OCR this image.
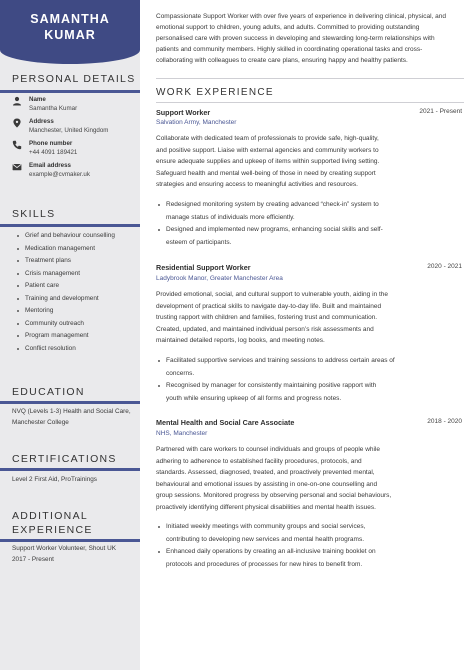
SAMANTHA
KUMAR
PERSONAL DETAILS
Name
Samantha Kumar
Address
Manchester, United Kingdom
Phone number
+44 4091 189421
Email address
example@cvmaker.uk
SKILLS
Grief and behaviour counselling
Medication management
Treatment plans
Crisis management
Patient care
Training and development
Mentoring
Community outreach
Program management
Conflict resolution
EDUCATION
NVQ (Levels 1-3) Health and Social Care,
Manchester College
CERTIFICATIONS
Level 2 First Aid, ProTrainings
ADDITIONAL
EXPERIENCE
Support Worker Volunteer, Shout UK
2017 - Present
Compassionate Support Worker with over five years of experience in delivering clinical, physical, and
emotional support to children, young adults, and adults. Committed to providing outstanding
personalised care with proven success in developing and stewarding long-term relationships with
patients and community members. Highly skilled in coordinating operational tasks and cross-
collaborating with colleagues to create care plans, ensuring happy and healthy patients.
WORK EXPERIENCE
Support Worker	2021 - Present
Salvation Army, Manchester
Collaborate with dedicated team of professionals to provide safe, high-quality,
and positive support. Liaise with external agencies and community workers to
ensure adequate supplies and upkeep of items within supported living setting.
Safeguard health and mental well-being of those in need by creating support
strategies and ensuring access to meaningful activities and resources.
Redesigned monitoring system by creating advanced “check-in” system to
manage status of individuals more efficiently.
Designed and implemented new programs, enhancing social skills and self-
esteem of participants.
Residential Support Worker	2020 - 2021
Ladybrook Manor, Greater Manchester Area
Provided emotional, social, and cultural support to vulnerable youth, aiding in the
development of practical skills to navigate day-to-day life. Built and maintained
trusting rapport with children and families, fostering trust and communication.
Created, updated, and maintained individual person’s risk assessments and
maintained detailed reports, log books, and meeting notes.
Facilitated supportive services and training sessions to address certain areas of
concerns.
Recognised by manager for consistently maintaining positive rapport with
youth while ensuring upkeep of all forms and progress notes.
Mental Health and Social Care Associate	2018 - 2020
NHS, Manchester
Partnered with care workers to counsel individuals and groups of people while
adhering to adherence to established facility procedures, protocols, and
standards. Assessed, diagnosed, treated, and proactively prevented mental,
behavioural and emotional issues by assisting in one-on-one counselling and
group sessions. Monitored progress by observing personal and social behaviours,
proactively identifying different physical disabilities and mental health issues.
Initiated weekly meetings with community groups and social services,
contributing to developing new services and mental health programs.
Enhanced daily operations by creating an all-inclusive training booklet on
protocols and procedures of processes for new hires to benefit from.
